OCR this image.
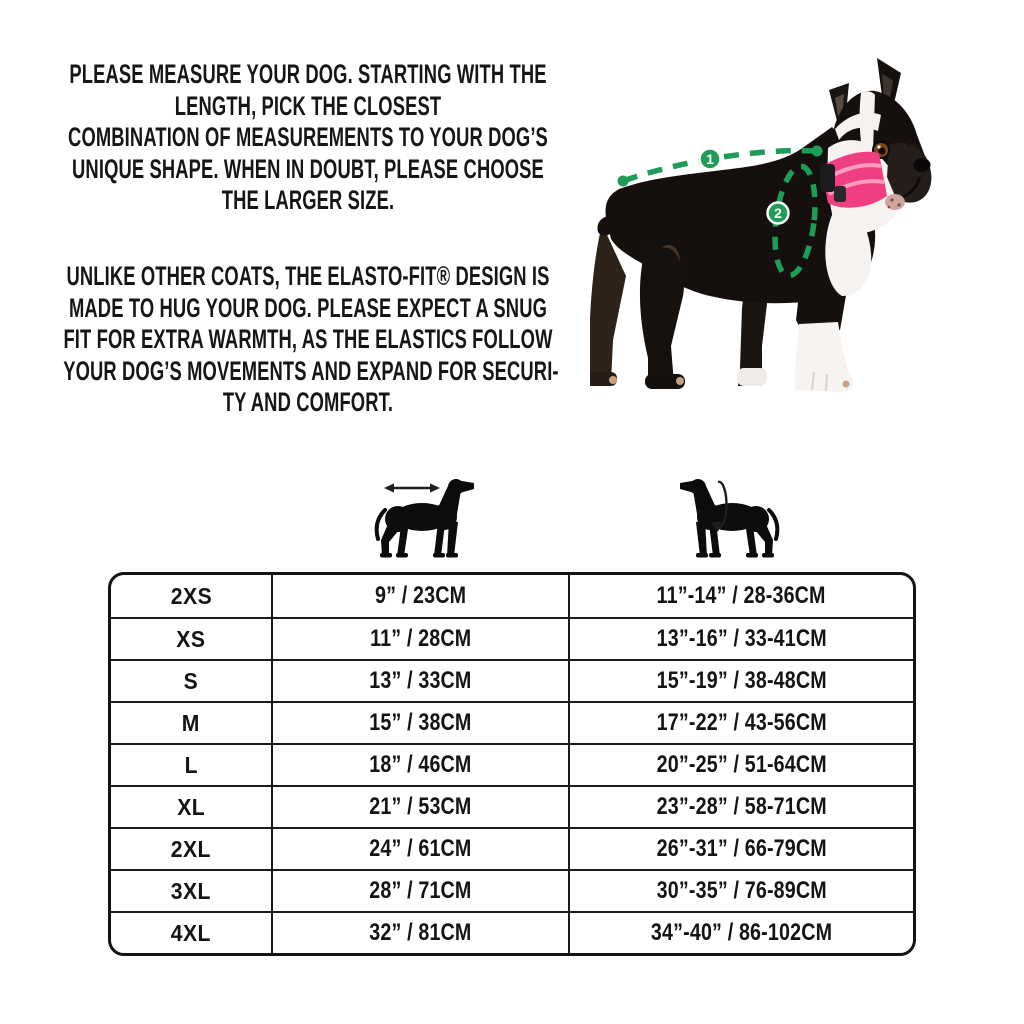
PLEASE MEASURE YOUR DOG. STARTING WITH THE
LENGTH, PICK THE CLOSEST
COMBINATION OF MEASUREMENTS TO YOUR DOG’S
UNIQUE SHAPE. WHEN IN DOUBT, PLEASE CHOOSE
THE LARGER SIZE.
UNLIKE OTHER COATS, THE ELASTO-FIT® DESIGN IS
MADE TO HUG YOUR DOG. PLEASE EXPECT A SNUG
FIT FOR EXTRA WARMTH, AS THE ELASTICS FOLLOW
YOUR DOG’S MOVEMENTS AND EXPAND FOR SECURI-
TY AND COMFORT.
1
2
2XS	9” / 23CM	11”-14” / 28-36CM
XS	11” / 28CM	13”-16” / 33-41CM
S	13” / 33CM	15”-19” / 38-48CM
M	15” / 38CM	17”-22” / 43-56CM
L	18” / 46CM	20”-25” / 51-64CM
XL	21” / 53CM	23”-28” / 58-71CM
2XL	24” / 61CM	26”-31” / 66-79CM
3XL	28” / 71CM	30”-35” / 76-89CM
4XL	32” / 81CM	34”-40” / 86-102CM
